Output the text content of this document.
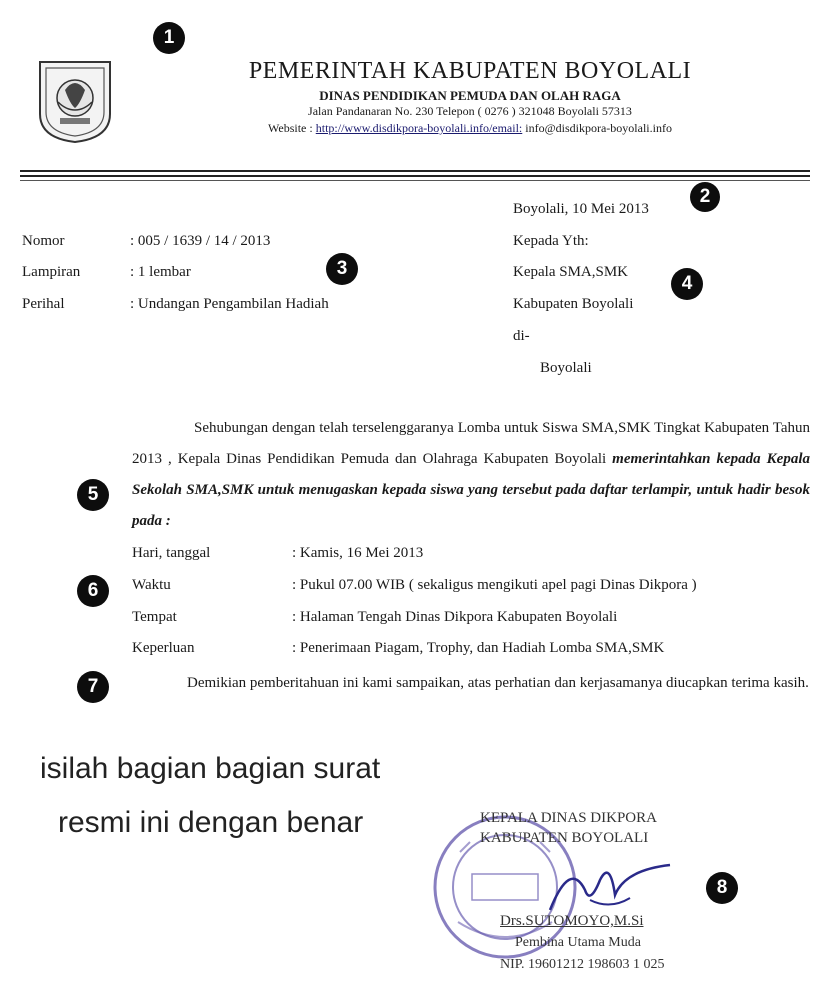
1
2
3
4
5
6
7
8
PEMERINTAH KABUPATEN BOYOLALI
DINAS PENDIDIKAN PEMUDA DAN OLAH RAGA
Jalan Pandanaran No. 230 Telepon ( 0276 ) 321048 Boyolali 57313
Website : http://www.disdikpora-boyolali.info/email: info@disdikpora-boyolali.info
Boyolali, 10 Mei 2013
Nomor	: 005 / 1639 / 14 / 2013
Lampiran	: 1 lembar
Perihal	: Undangan Pengambilan Hadiah
Kepada Yth:
Kepala SMA,SMK
Kabupaten Boyolali
di-
Boyolali
Sehubungan dengan telah terselenggaranya Lomba untuk Siswa SMA,SMK Tingkat Kabupaten Tahun 2013 , Kepala Dinas Pendidikan Pemuda dan Olahraga Kabupaten Boyolali memerintahkan kepada Kepala Sekolah SMA,SMK untuk menugaskan kepada siswa yang tersebut pada daftar terlampir, untuk hadir besok pada :
Hari, tanggal	: Kamis, 16 Mei 2013
Waktu	: Pukul 07.00 WIB ( sekaligus mengikuti apel pagi Dinas Dikpora )
Tempat	: Halaman Tengah Dinas Dikpora Kabupaten Boyolali
Keperluan	: Penerimaan Piagam, Trophy, dan Hadiah Lomba SMA,SMK
Demikian pemberitahuan ini kami sampaikan, atas perhatian dan kerjasamanya diucapkan terima kasih.
isilah bagian bagian surat
resmi ini dengan benar	KEPALA DINAS DIKPORA
KABUPATEN BOYOLALI
Drs.SUTOMOYO,M.Si
Pembina Utama Muda
NIP. 19601212 198603 1 025
